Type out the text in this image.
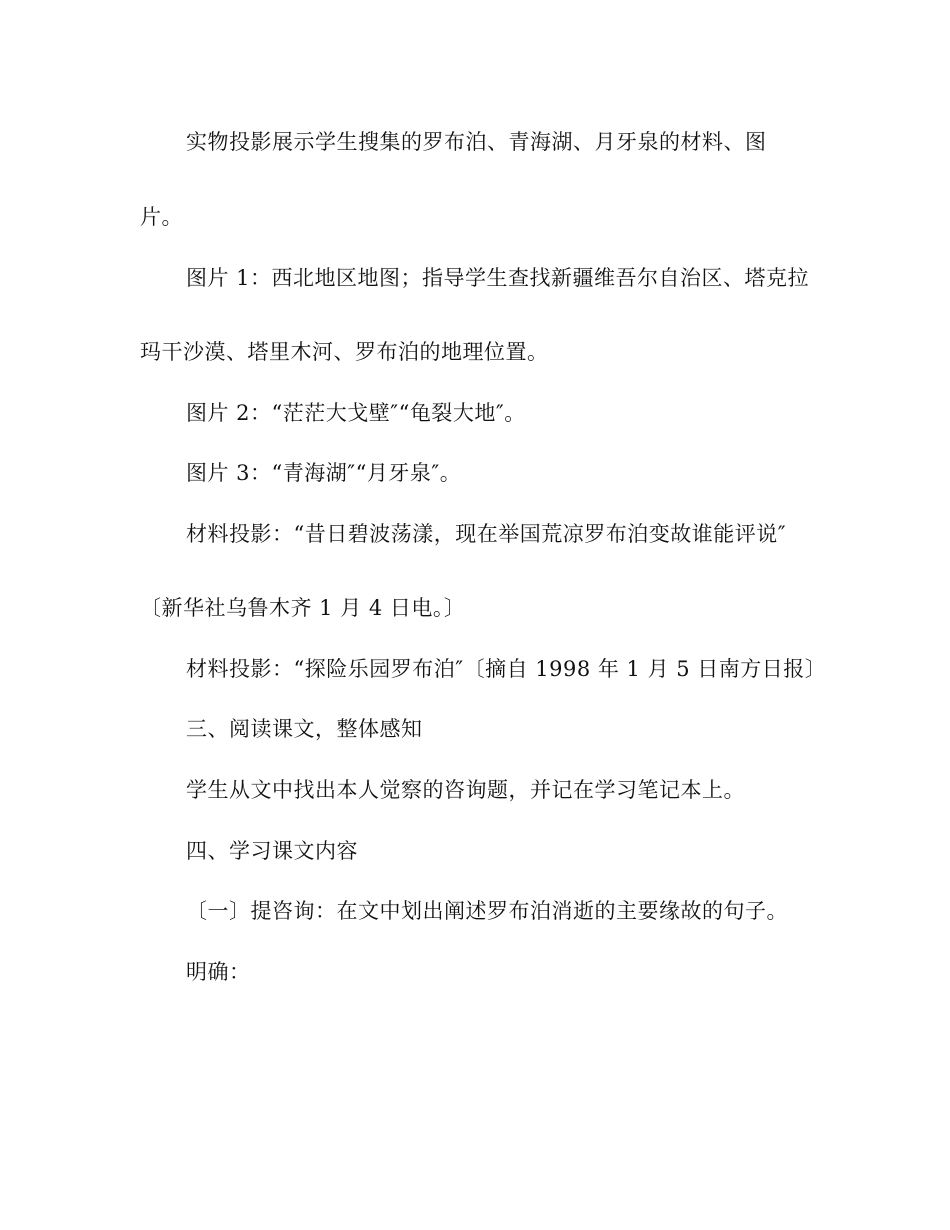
实物投影展示学生搜集的罗布泊、青海湖、月牙泉的材料、图
片。
图片 1：西北地区地图；指导学生查找新疆维吾尔自治区、塔克拉
玛干沙漠、塔里木河、罗布泊的地理位置。
图片 2：“茫茫大戈壁″“龟裂大地″。
图片 3：“青海湖″“月牙泉″。
材料投影：“昔日碧波荡漾，现在举国荒凉罗布泊变故谁能评说″
〔新华社乌鲁木齐 1 月 4 日电。〕
材料投影：“探险乐园罗布泊″〔摘自 1998 年 1 月 5 日南方日报〕
三、阅读课文，整体感知
学生从文中找出本人觉察的咨询题，并记在学习笔记本上。
四、学习课文内容
〔一〕提咨询：在文中划出阐述罗布泊消逝的主要缘故的句子。
明确：
